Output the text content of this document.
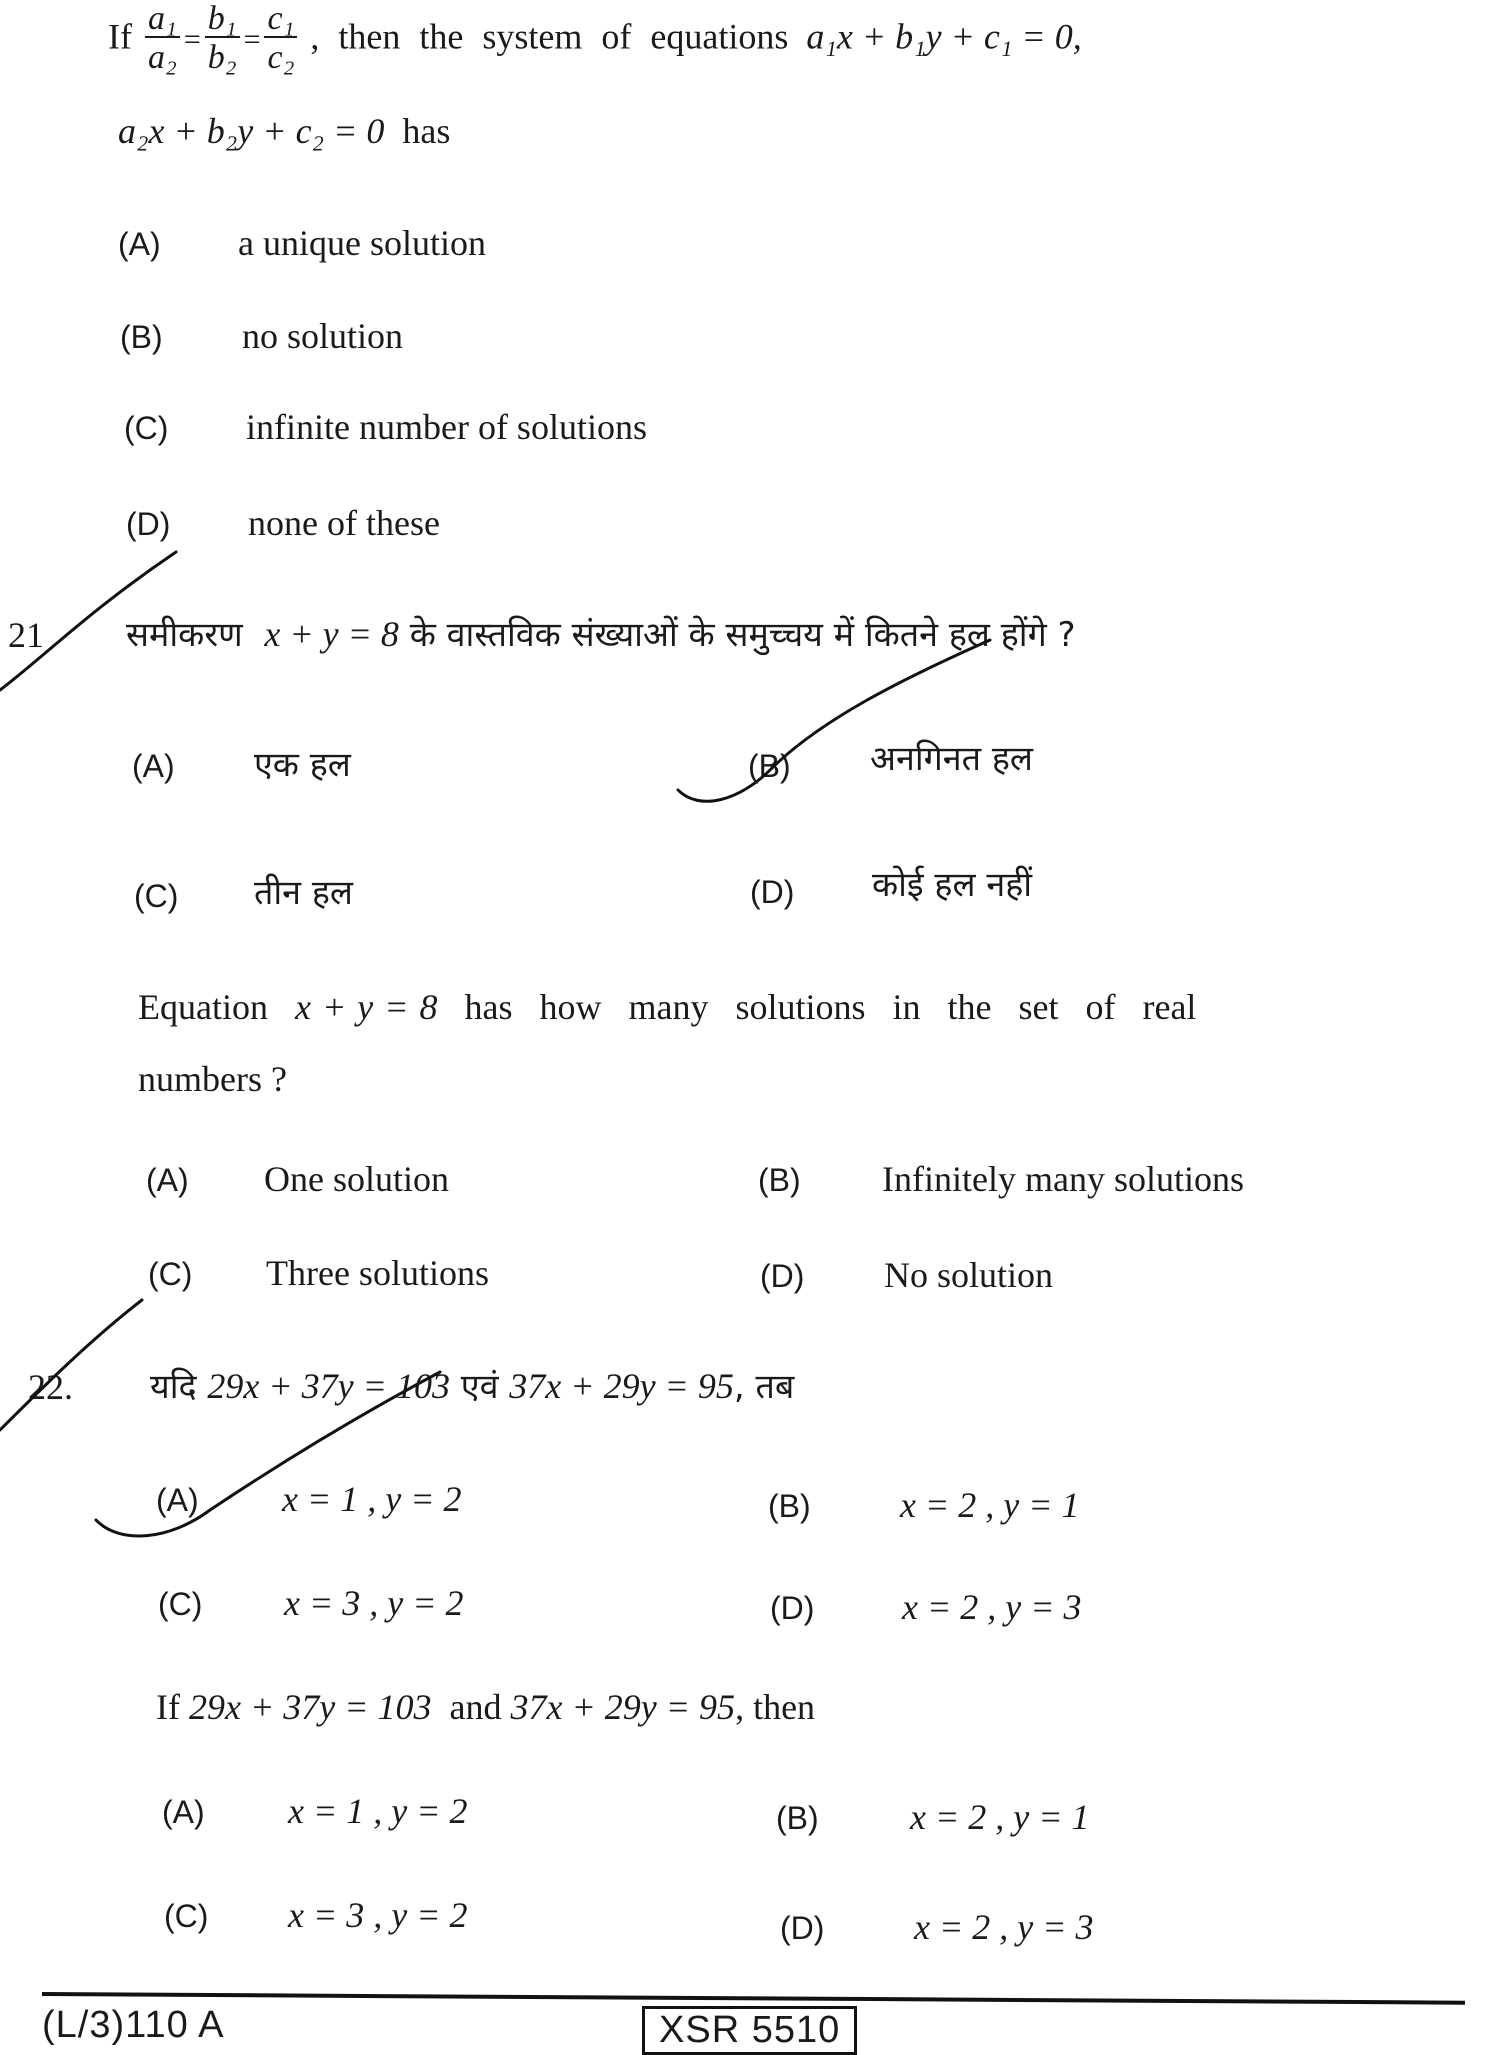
If $\frac{\text{a₁}}{\text{a₂}} = \frac{\text{b₁}}{\text{b₂}} = \frac{\text{c₁}}{\text{c₂}}$ , then the system of equations a₁x + b₁y + c₁ = 0,
a₂x + b₂y + c₂ = 0 has
(A) a unique solution
(B) no solution
(C) infinite number of solutions
(D) none of these
21 समीकरण x + y = 8 के वास्तविक संख्याओं के समुच्चय में कितने हल होंगे ?
(A) एक हल	(B) अनगिनत हल
(C) तीन हल	(D) कोई हल नहीं
Equation x + y = 8 has how many solutions in the set of real
numbers ?
(A) One solution	(B) Infinitely many solutions
(C) Three solutions	(D) No solution
22. यदि 29x + 37y = 103 एवं 37x + 29y = 95, तब
(A) x = 1 , y = 2	(B) x = 2 , y = 1
(C) x = 3 , y = 2	(D) x = 2 , y = 3
If 29x + 37y = 103 and 37x + 29y = 95, then
(A) x = 1 , y = 2	(B)	x = 2 , y = 1
(C) x = 3 , y = 2	(D) x = 2 , y = 3
(L/3)110 A	XSR 5510
